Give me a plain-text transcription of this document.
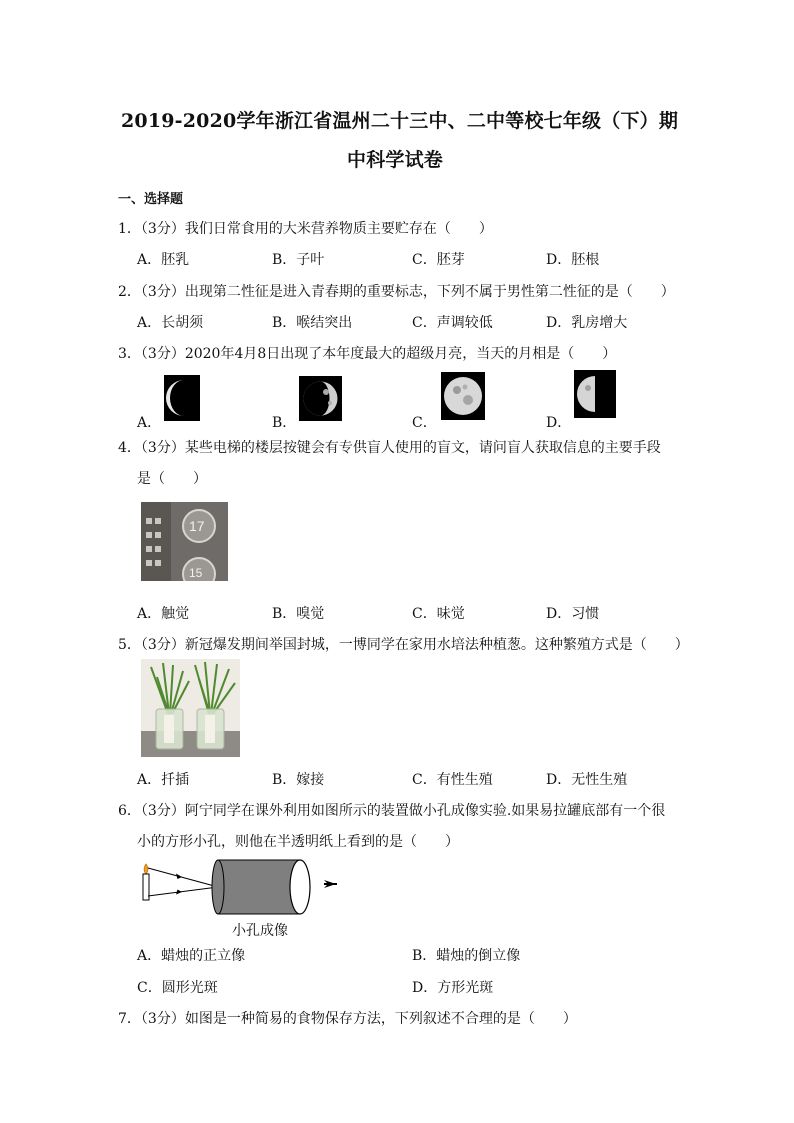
2019-2020学年浙江省温州二十三中、二中等校七年级（下）期
中科学试卷
一、选择题
1．（3分）我们日常食用的大米营养物质主要贮存在（　　）
A．胚乳	B．子叶	C．胚芽	D．胚根
2．（3分）出现第二性征是进入青春期的重要标志，下列不属于男性第二性征的是（　　）
A．长胡须	B．喉结突出	C．声调较低	D．乳房增大
3．（3分）2020年4月8日出现了本年度最大的超级月亮，当天的月相是（　　）
A．	B．	C．	D．
4．（3分）某些电梯的楼层按键会有专供盲人使用的盲文，请问盲人获取信息的主要手段
是（　　）
17
15
A．触觉	B．嗅觉	C．味觉	D．习惯
5．（3分）新冠爆发期间举国封城，一博同学在家用水培法种植葱。这种繁殖方式是（　　）
A．扦插	B．嫁接	C．有性生殖	D．无性生殖
6．（3分）阿宁同学在课外利用如图所示的装置做小孔成像实验.如果易拉罐底部有一个很
小的方形小孔，则他在半透明纸上看到的是（　　）
小孔成像
A．蜡烛的正立像	B．蜡烛的倒立像
C．圆形光斑	D．方形光斑
7．（3分）如图是一种简易的食物保存方法，下列叙述不合理的是（　　）
